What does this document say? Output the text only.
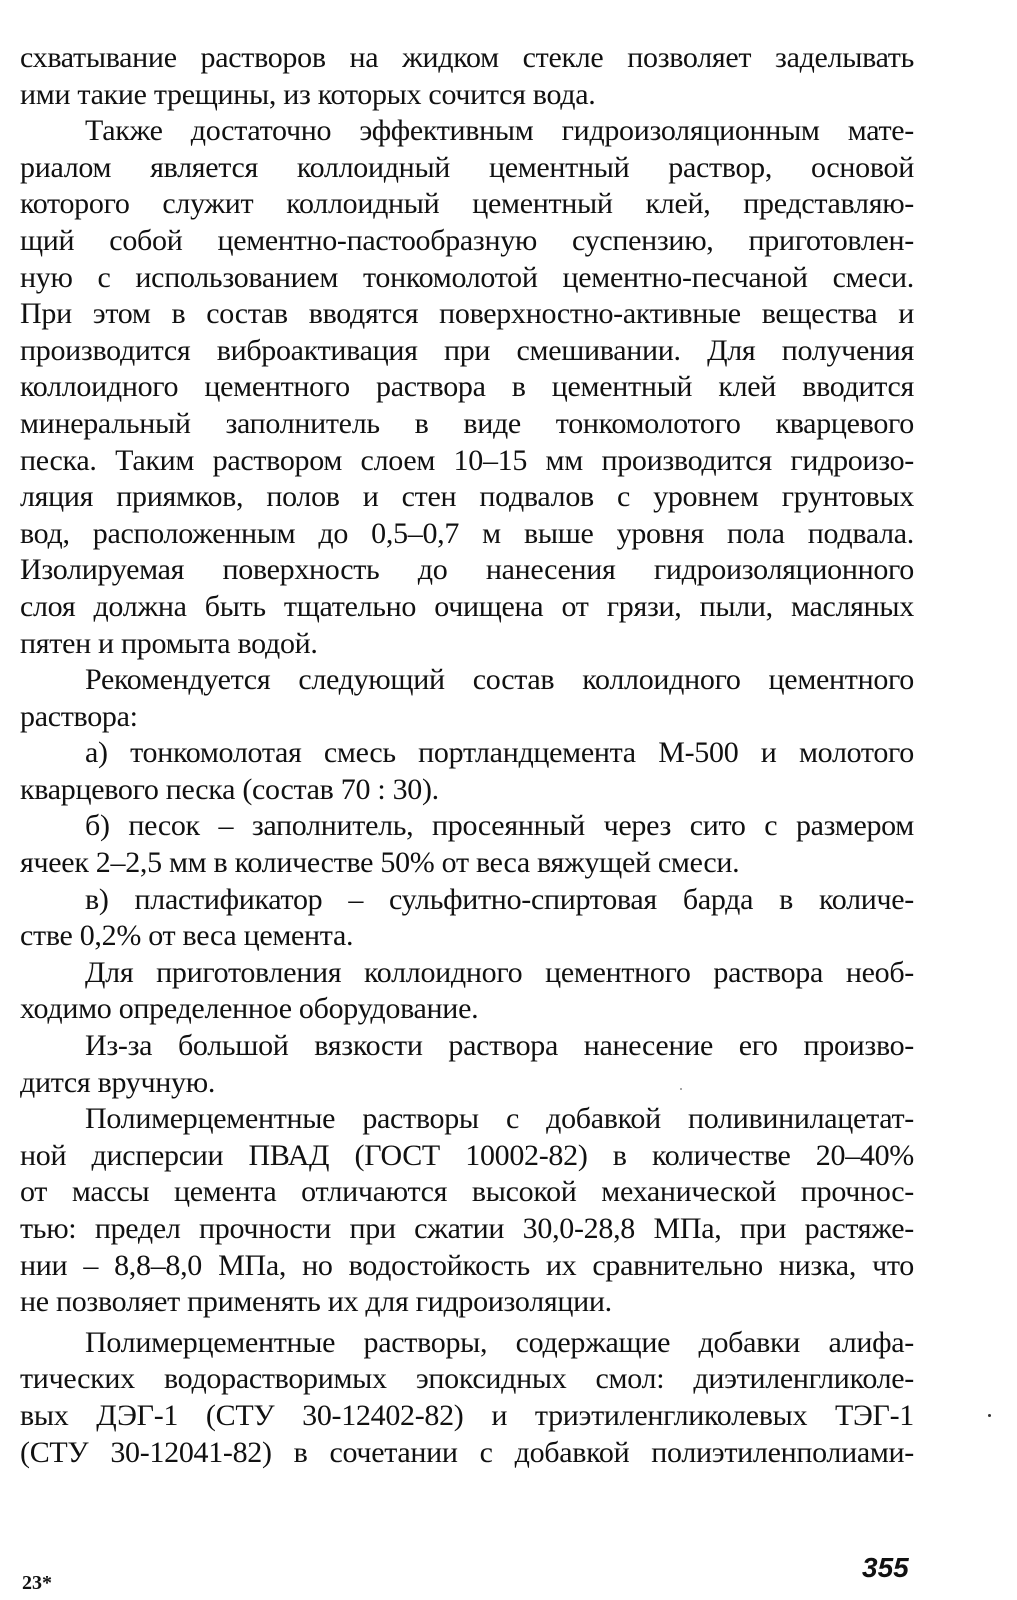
схватывание растворов на жидком стекле позволяет заделывать
ими такие трещины, из которых сочится вода.
Также достаточно эффективным гидроизоляционным мате-
риалом является коллоидный цементный раствор, основой
которого служит коллоидный цементный клей, представляю-
щий собой цементно-пастообразную суспензию, приготовлен-
ную с использованием тонкомолотой цементно-песчаной смеси.
При этом в состав вводятся поверхностно-активные вещества и
производится виброактивация при смешивании. Для получения
коллоидного цементного раствора в цементный клей вводится
минеральный заполнитель в виде тонкомолотого кварцевого
песка. Таким раствором слоем 10–15 мм производится гидроизо-
ляция приямков, полов и стен подвалов с уровнем грунтовых
вод, расположенным до 0,5–0,7 м выше уровня пола подвала.
Изолируемая поверхность до нанесения гидроизоляционного
слоя должна быть тщательно очищена от грязи, пыли, масляных
пятен и промыта водой.
Рекомендуется следующий состав коллоидного цементного
раствора:
а) тонкомолотая смесь портландцемента М-500 и молотого
кварцевого песка (состав 70 : 30).
б) песок – заполнитель, просеянный через сито с размером
ячеек 2–2,5 мм в количестве 50% от веса вяжущей смеси.
в) пластификатор – сульфитно-спиртовая барда в количе-
стве 0,2% от веса цемента.
Для приготовления коллоидного цементного раствора необ-
ходимо определенное оборудование.
Из-за большой вязкости раствора нанесение его произво-
дится вручную.
Полимерцементные растворы с добавкой поливинилацетат-
ной дисперсии ПВАД (ГОСТ 10002-82) в количестве 20–40%
от массы цемента отличаются высокой механической прочнос-
тью: предел прочности при сжатии 30,0-28,8 МПа, при растяже-
нии – 8,8–8,0 МПа, но водостойкость их сравнительно низка, что
не позволяет применять их для гидроизоляции.
Полимерцементные растворы, содержащие добавки алифа-
тических водорастворимых эпоксидных смол: диэтиленгликоле-
вых ДЭГ-1 (СТУ 30-12402-82) и триэтиленгликолевых ТЭГ-1
(СТУ 30-12041-82) в сочетании с добавкой полиэтиленполиами-
23*	355
